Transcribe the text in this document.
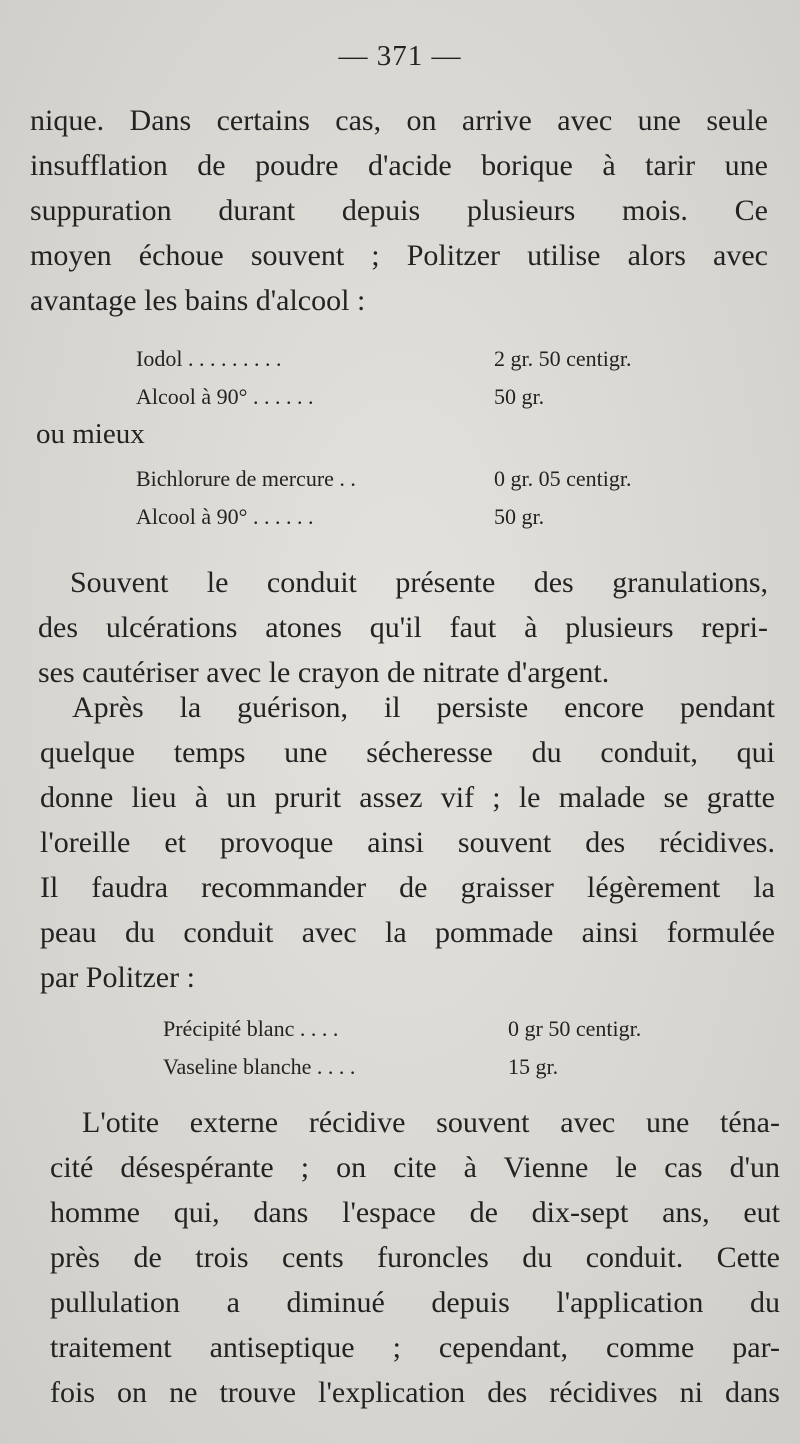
— 371 —

nique. Dans certains cas, on arrive avec une seule
insufflation de poudre d'acide borique à tarir une
suppuration durant depuis plusieurs mois. Ce
moyen échoue souvent ; Politzer utilise alors avec
avantage les bains d'alcool :

Iodol . . . . . . . . .	2 gr. 50 centigr.
Alcool à 90° . . . . . .	50 gr.
ou mieux
Bichlorure de mercure . .	0 gr. 05 centigr.
Alcool à 90° . . . . . .	50 gr.

Souvent le conduit présente des granulations,
des ulcérations atones qu'il faut à plusieurs repri-
ses cautériser avec le crayon de nitrate d'argent.

Après la guérison, il persiste encore pendant
quelque temps une sécheresse du conduit, qui
donne lieu à un prurit assez vif ; le malade se gratte
l'oreille et provoque ainsi souvent des récidives.
Il faudra recommander de graisser légèrement la
peau du conduit avec la pommade ainsi formulée
par Politzer :

Précipité blanc . . . .	0 gr 50 centigr.
Vaseline blanche . . . .	15 gr.

L'otite externe récidive souvent avec une téna-
cité désespérante ; on cite à Vienne le cas d'un
homme qui, dans l'espace de dix-sept ans, eut
près de trois cents furoncles du conduit. Cette
pullulation a diminué depuis l'application du
traitement antiseptique ; cependant, comme par-
fois on ne trouve l'explication des récidives ni dans
